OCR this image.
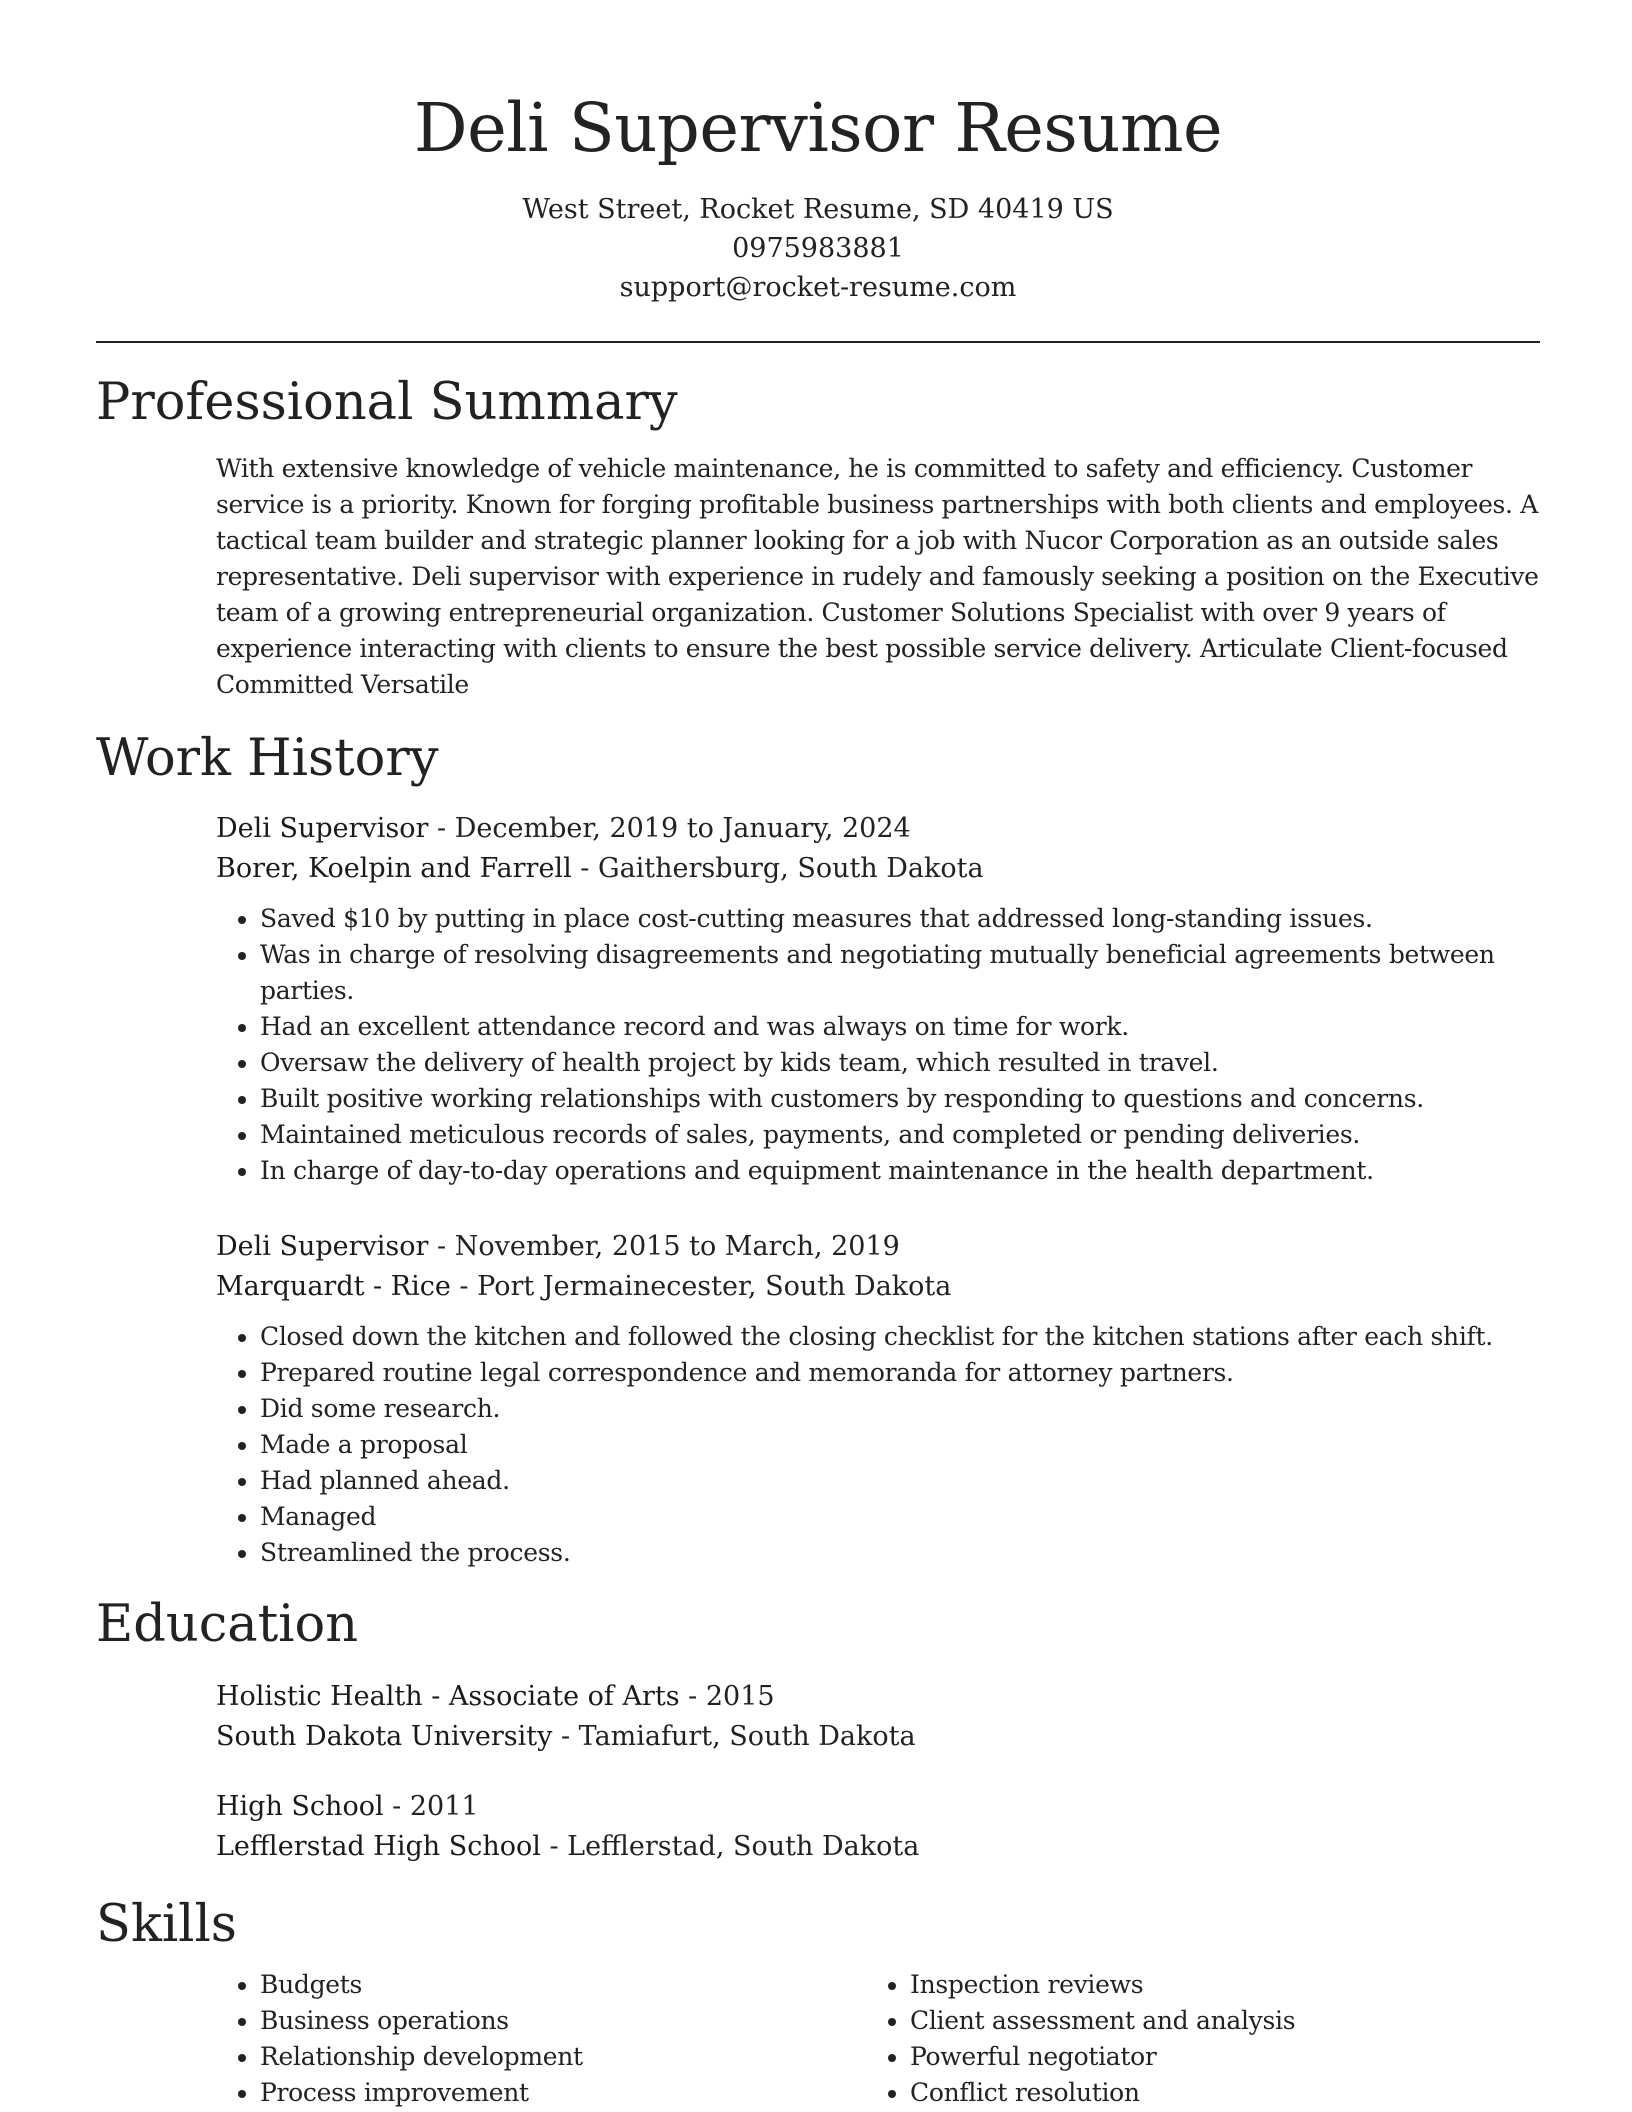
Deli Supervisor Resume
West Street, Rocket Resume, SD 40419 US
0975983881
support@rocket-resume.com
Professional Summary

With extensive knowledge of vehicle maintenance, he is committed to safety and efficiency. Customer service is a priority. Known for forging profitable business partnerships with both clients and employees. A tactical team builder and strategic planner looking for a job with Nucor Corporation as an outside sales representative. Deli supervisor with experience in rudely and famously seeking a position on the Executive team of a growing entrepreneurial organization. Customer Solutions Specialist with over 9 years of experience interacting with clients to ensure the best possible service delivery. Articulate Client-focused Committed Versatile

Work History
Deli Supervisor - December, 2019 to January, 2024
Borer, Koelpin and Farrell - Gaithersburg, South Dakota
• Saved $10 by putting in place cost-cutting measures that addressed long-standing issues.
• Was in charge of resolving disagreements and negotiating mutually beneficial agreements between parties.
• Had an excellent attendance record and was always on time for work.
• Oversaw the delivery of health project by kids team, which resulted in travel.
• Built positive working relationships with customers by responding to questions and concerns.
• Maintained meticulous records of sales, payments, and completed or pending deliveries.
• In charge of day-to-day operations and equipment maintenance in the health department.
Deli Supervisor - November, 2015 to March, 2019
Marquardt - Rice - Port Jermainecester, South Dakota
• Closed down the kitchen and followed the closing checklist for the kitchen stations after each shift.
• Prepared routine legal correspondence and memoranda for attorney partners.
• Did some research.
• Made a proposal
• Had planned ahead.
• Managed
• Streamlined the process.
Education
Holistic Health - Associate of Arts - 2015
South Dakota University - Tamiafurt, South Dakota
High School - 2011
Lefflerstad High School - Lefflerstad, South Dakota
Skills
• Budgets
• Business operations
• Relationship development
• Process improvement
• Inspection reviews
• Client assessment and analysis
• Powerful negotiator
• Conflict resolution
